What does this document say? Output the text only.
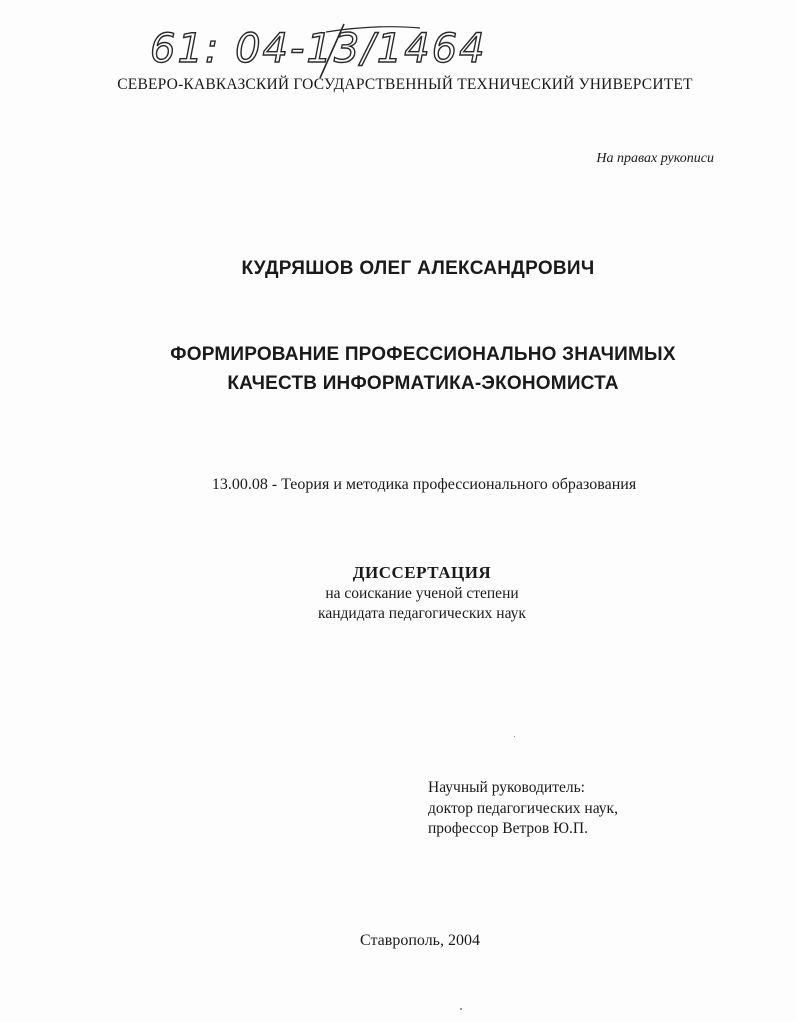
61: 04-13/1464
СЕВЕРО-КАВКАЗСКИЙ ГОСУДАРСТВЕННЫЙ ТЕХНИЧЕСКИЙ УНИВЕРСИТЕТ
На правах рукописи
КУДРЯШОВ ОЛЕГ АЛЕКСАНДРОВИЧ
ФОРМИРОВАНИЕ ПРОФЕССИОНАЛЬНО ЗНАЧИМЫХ
КАЧЕСТВ ИНФОРМАТИКА-ЭКОНОМИСТА
13.00.08 - Теория и методика профессионального образования
ДИССЕРТАЦИЯ
на соискание ученой степени
кандидата педагогических наук
Научный руководитель:
доктор педагогических наук,
профессор Ветров Ю.П.
Ставрополь, 2004
